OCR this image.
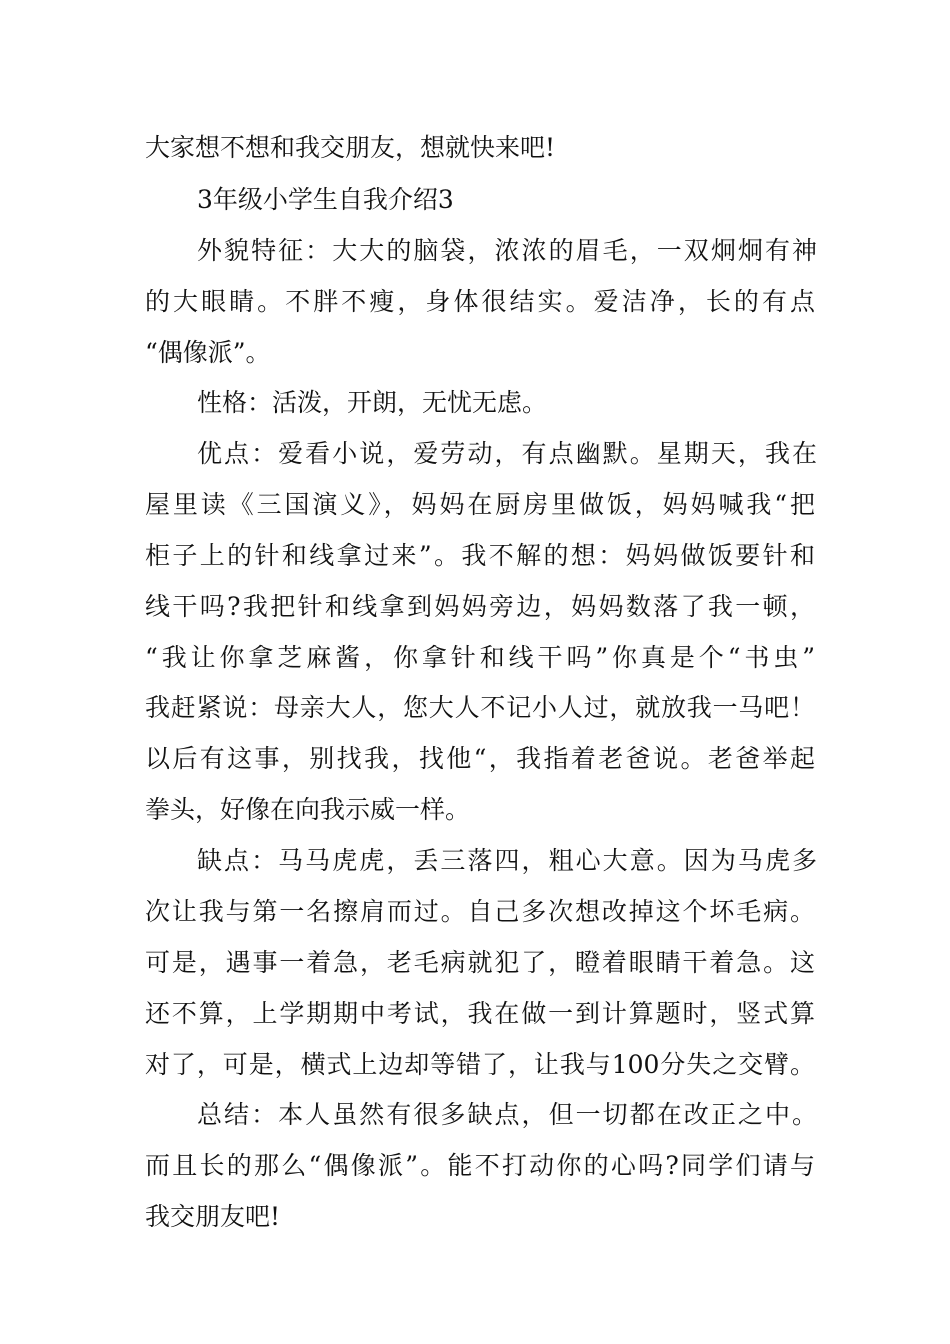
大家想不想和我交朋友，想就快来吧!
3年级小学生自我介绍3
外貌特征：大大的脑袋，浓浓的眉毛，一双炯炯有神
的大眼睛。不胖不瘦，身体很结实。爱洁净，长的有点
“偶像派”。
性格：活泼，开朗，无忧无虑。
优点：爱看小说，爱劳动，有点幽默。星期天，我在
屋里读《三国演义》，妈妈在厨房里做饭，妈妈喊我“把
柜子上的针和线拿过来”。我不解的想：妈妈做饭要针和
线干吗?我把针和线拿到妈妈旁边，妈妈数落了我一顿，
“我让你拿芝麻酱，你拿针和线干吗”你真是个“书虫”
我赶紧说：母亲大人，您大人不记小人过，就放我一马吧！
以后有这事，别找我，找他“，我指着老爸说。老爸举起
拳头，好像在向我示威一样。
缺点：马马虎虎，丢三落四，粗心大意。因为马虎多
次让我与第一名擦肩而过。自己多次想改掉这个坏毛病。
可是，遇事一着急，老毛病就犯了，瞪着眼睛干着急。这
还不算，上学期期中考试，我在做一到计算题时，竖式算
对了，可是，横式上边却等错了，让我与100分失之交臂。
总结：本人虽然有很多缺点，但一切都在改正之中。
而且长的那么“偶像派”。能不打动你的心吗?同学们请与
我交朋友吧!
